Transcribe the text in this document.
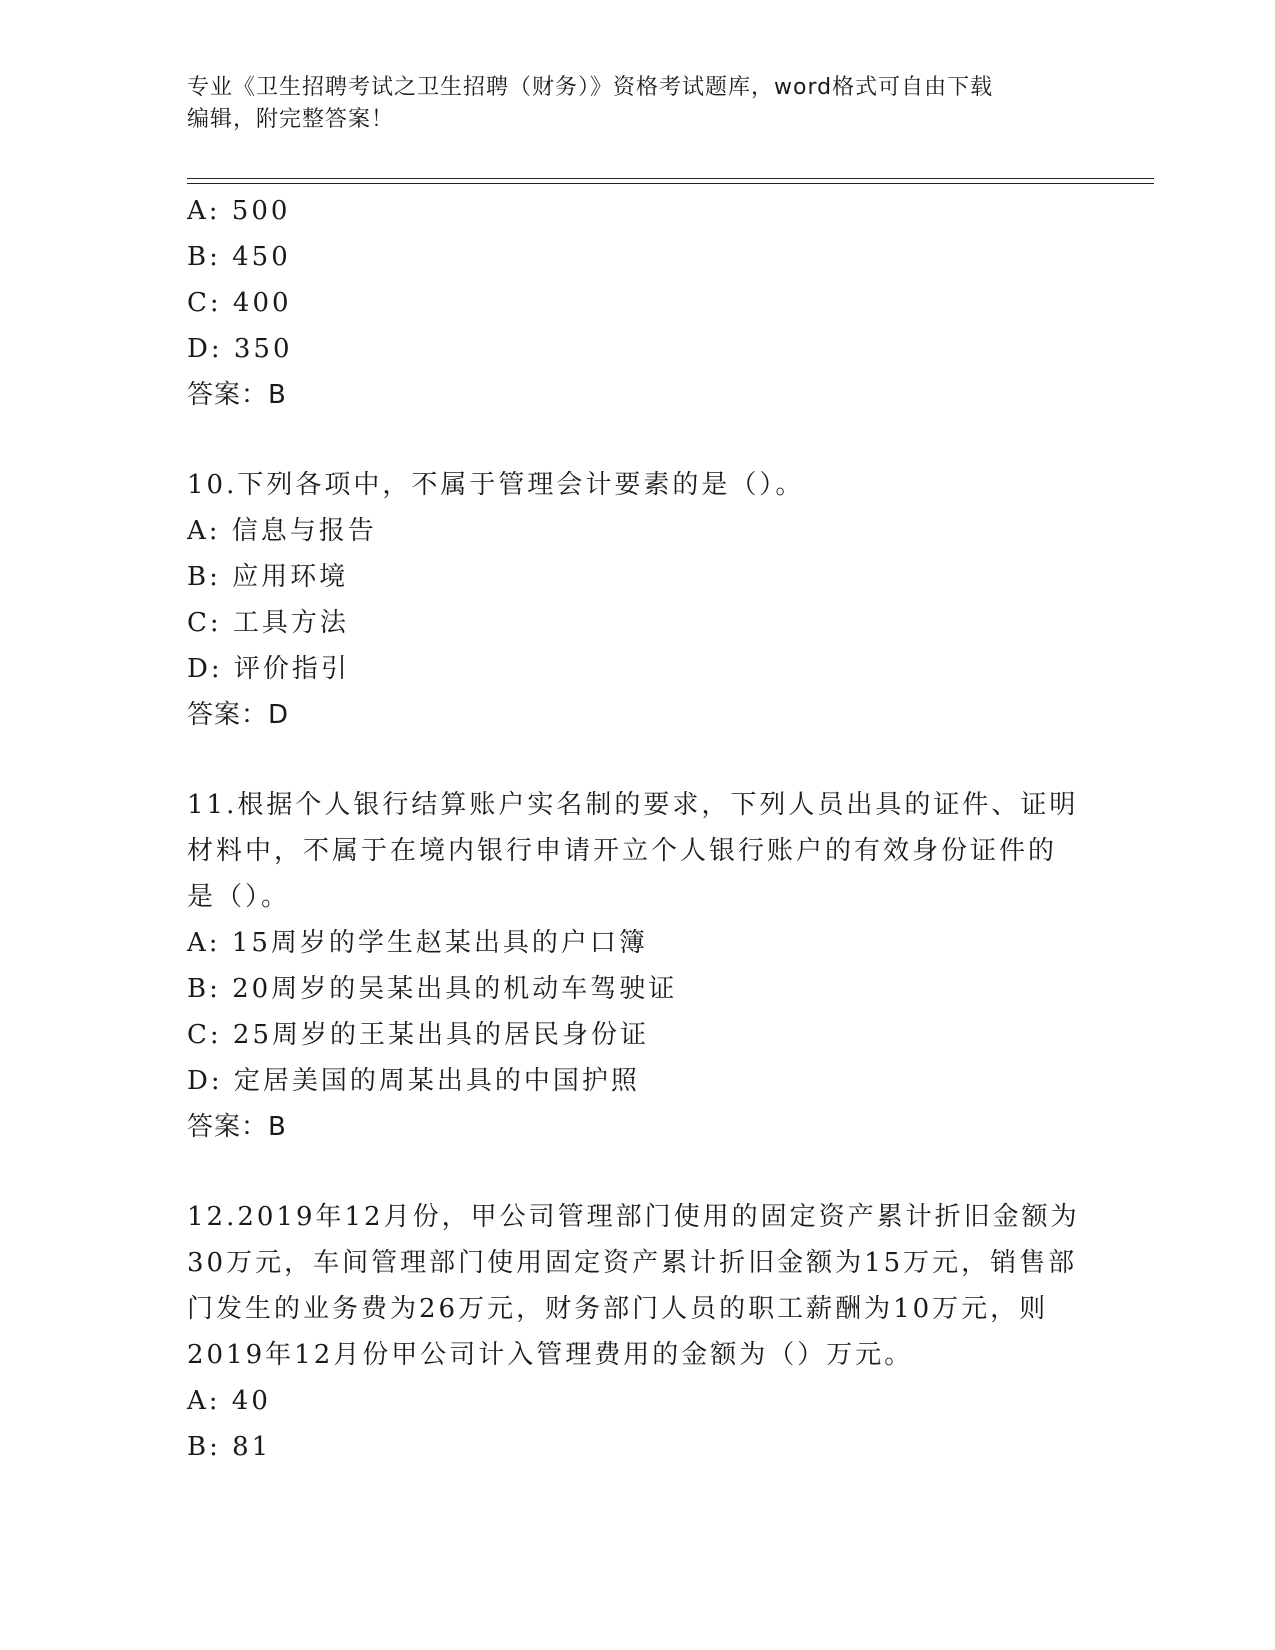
专业《卫生招聘考试之卫生招聘（财务）》资格考试题库，word格式可自由下载
编辑，附完整答案！
A: 500
B: 450
C: 400
D: 350
答案：B
10.下列各项中，不属于管理会计要素的是（）。
A: 信息与报告
B: 应用环境
C: 工具方法
D: 评价指引
答案：D
11.根据个人银行结算账户实名制的要求，下列人员出具的证件、证明
材料中，不属于在境内银行申请开立个人银行账户的有效身份证件的
是（）。
A: 15周岁的学生赵某出具的户口簿
B: 20周岁的吴某出具的机动车驾驶证
C: 25周岁的王某出具的居民身份证
D: 定居美国的周某出具的中国护照
答案：B
12.2019年12月份，甲公司管理部门使用的固定资产累计折旧金额为
30万元，车间管理部门使用固定资产累计折旧金额为15万元，销售部
门发生的业务费为26万元，财务部门人员的职工薪酬为10万元，则
2019年12月份甲公司计入管理费用的金额为（）万元。
A: 40
B: 81
